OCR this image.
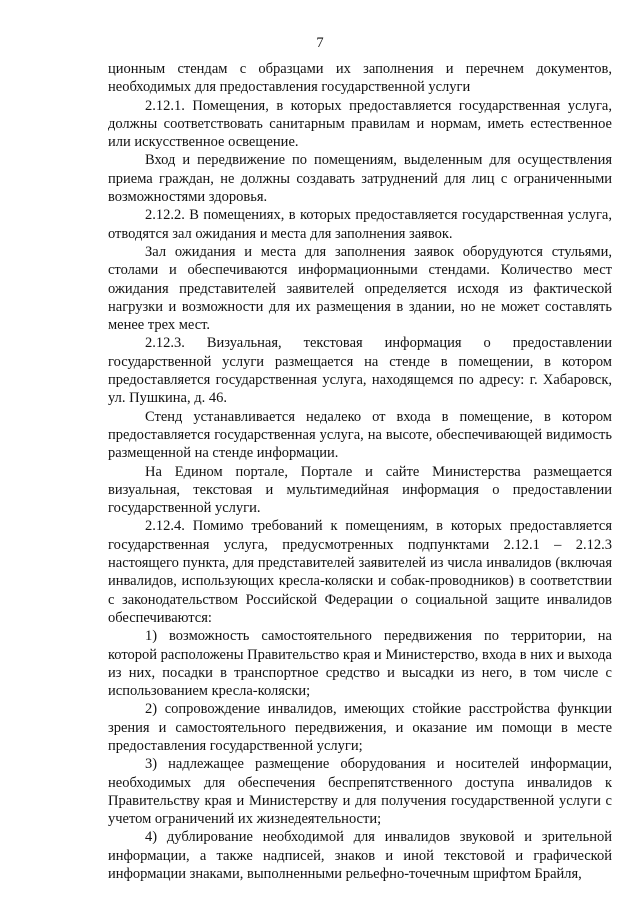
7

ционным стендам с образцами их заполнения и перечнем документов, необходимых для предоставления государственной услуги

2.12.1. Помещения, в которых предоставляется государственная услуга, должны соответствовать санитарным правилам и нормам, иметь естественное или искусственное освещение.

Вход и передвижение по помещениям, выделенным для осуществления приема граждан, не должны создавать затруднений для лиц с ограниченными возможностями здоровья.

2.12.2. В помещениях, в которых предоставляется государственная услуга, отводятся зал ожидания и места для заполнения заявок.

Зал ожидания и места для заполнения заявок оборудуются стульями, столами и обеспечиваются информационными стендами. Количество мест ожидания представителей заявителей определяется исходя из фактической нагрузки и возможности для их размещения в здании, но не может составлять менее трех мест.

2.12.3. Визуальная, текстовая информация о предоставлении государственной услуги размещается на стенде в помещении, в котором предоставляется государственная услуга, находящемся по адресу: г. Хабаровск, ул. Пушкина, д. 46.

Стенд устанавливается недалеко от входа в помещение, в котором предоставляется государственная услуга, на высоте, обеспечивающей видимость размещенной на стенде информации.

На Едином портале, Портале и сайте Министерства размещается визуальная, текстовая и мультимедийная информация о предоставлении государственной услуги.

2.12.4. Помимо требований к помещениям, в которых предоставляется государственная услуга, предусмотренных подпунктами 2.12.1 – 2.12.3 настоящего пункта, для представителей заявителей из числа инвалидов (включая инвалидов, использующих кресла-коляски и собак-проводников) в соответствии с законодательством Российской Федерации о социальной защите инвалидов обеспечиваются:

1) возможность самостоятельного передвижения по территории, на которой расположены Правительство края и Министерство, входа в них и выхода из них, посадки в транспортное средство и высадки из него, в том числе с использованием кресла-коляски;

2) сопровождение инвалидов, имеющих стойкие расстройства функции зрения и самостоятельного передвижения, и оказание им помощи в месте предоставления государственной услуги;

3) надлежащее размещение оборудования и носителей информации, необходимых для обеспечения беспрепятственного доступа инвалидов к Правительству края и Министерству и для получения государственной услуги с учетом ограничений их жизнедеятельности;

4) дублирование необходимой для инвалидов звуковой и зрительной информации, а также надписей, знаков и иной текстовой и графической информации знаками, выполненными рельефно-точечным шрифтом Брайля,
